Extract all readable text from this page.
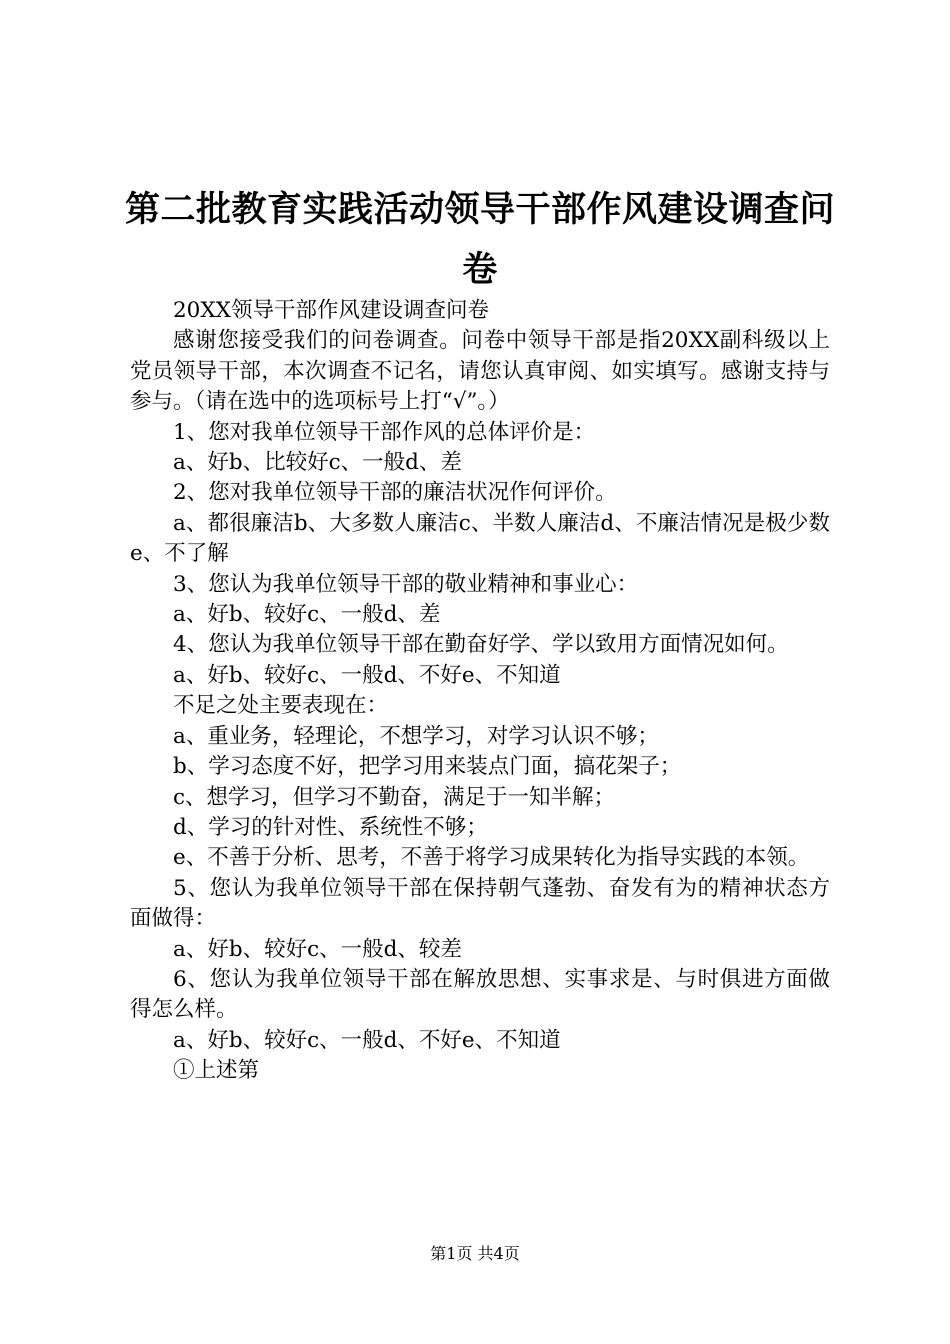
第二批教育实践活动领导干部作风建设调查问卷

20XX领导干部作风建设调查问卷

感谢您接受我们的问卷调查。问卷中领导干部是指20XX副科级以上党员领导干部，本次调查不记名，请您认真审阅、如实填写。感谢支持与参与。（请在选中的选项标号上打“√”。）

1、您对我单位领导干部作风的总体评价是：

a、好b、比较好c、一般d、差

2、您对我单位领导干部的廉洁状况作何评价。

a、都很廉洁b、大多数人廉洁c、半数人廉洁d、不廉洁情况是极少数e、不了解

3、您认为我单位领导干部的敬业精神和事业心：

a、好b、较好c、一般d、差

4、您认为我单位领导干部在勤奋好学、学以致用方面情况如何。

a、好b、较好c、一般d、不好e、不知道

不足之处主要表现在：

a、重业务，轻理论，不想学习，对学习认识不够；

b、学习态度不好，把学习用来装点门面，搞花架子；

c、想学习，但学习不勤奋，满足于一知半解；

d、学习的针对性、系统性不够；

e、不善于分析、思考，不善于将学习成果转化为指导实践的本领。

5、您认为我单位领导干部在保持朝气蓬勃、奋发有为的精神状态方面做得：

a、好b、较好c、一般d、较差

6、您认为我单位领导干部在解放思想、实事求是、与时俱进方面做得怎么样。

a、好b、较好c、一般d、不好e、不知道

①上述第

第1页 共4页
